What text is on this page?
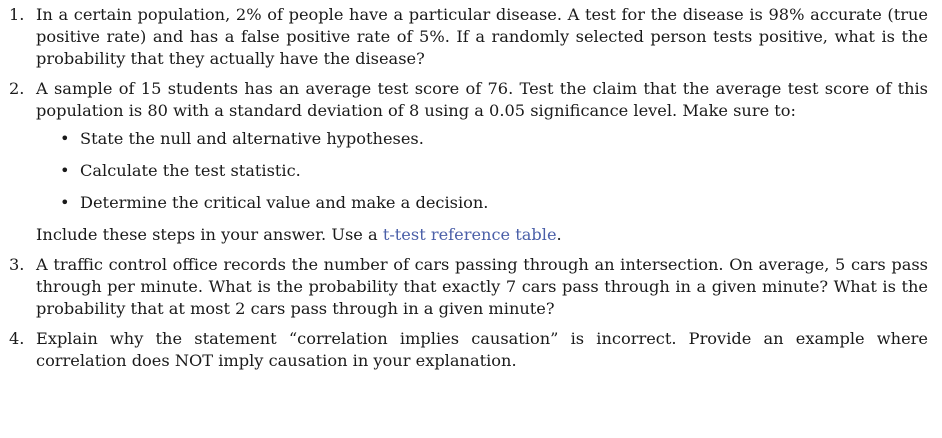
1. In a certain population, 2% of people have a particular disease. A test for the disease is 98% accurate (true positive rate) and has a false positive rate of 5%. If a randomly selected person tests positive, what is the probability that they actually have the disease?
2. A sample of 15 students has an average test score of 76. Test the claim that the average test score of this population is 80 with a standard deviation of 8 using a 0.05 significance level. Make sure to:
• State the null and alternative hypotheses.
• Calculate the test statistic.
• Determine the critical value and make a decision.
Include these steps in your answer. Use a t-test reference table.
3. A traffic control office records the number of cars passing through an intersection. On average, 5 cars pass through per minute. What is the probability that exactly 7 cars pass through in a given minute? What is the probability that at most 2 cars pass through in a given minute?
4. Explain why the statement “correlation implies causation” is incorrect. Provide an example where correlation does NOT imply causation in your explanation.
